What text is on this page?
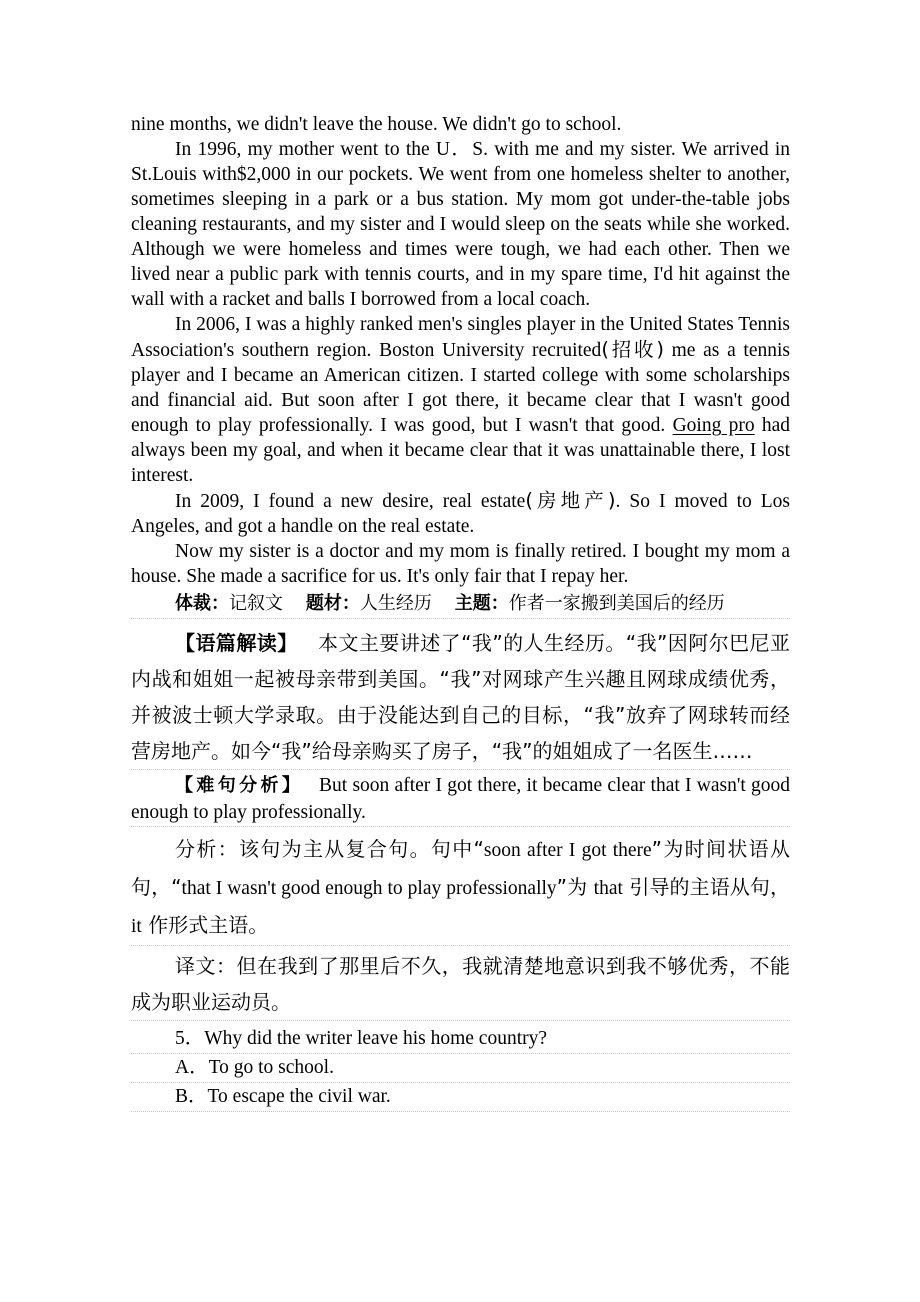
nine months, we didn't leave the house. We didn't go to school.

In 1996, my mother went to the U．S. with me and my sister. We arrived in St.Louis with$2,000 in our pockets. We went from one homeless shelter to another, sometimes sleeping in a park or a bus station. My mom got under-the-table jobs cleaning restaurants, and my sister and I would sleep on the seats while she worked. Although we were homeless and times were tough, we had each other. Then we lived near a public park with tennis courts, and in my spare time, I'd hit against the wall with a racket and balls I borrowed from a local coach.

In 2006, I was a highly ranked men's singles player in the United States Tennis Association's southern region. Boston University recruited(招收) me as a tennis player and I became an American citizen. I started college with some scholarships and financial aid. But soon after I got there, it became clear that I wasn't good enough to play professionally. I was good, but I wasn't that good. Going pro had always been my goal, and when it became clear that it was unattainable there, I lost interest.

In 2009, I found a new desire, real estate(房地产). So I moved to Los Angeles, and got a handle on the real estate.

Now my sister is a doctor and my mom is finally retired. I bought my mom a house. She made a sacrifice for us. It's only fair that I repay her.

体裁：记叙文 题材：人生经历 主题：作者一家搬到美国后的经历

【语篇解读】 本文主要讲述了“我”的人生经历。“我”因阿尔巴尼亚内战和姐姐一起被母亲带到美国。“我”对网球产生兴趣且网球成绩优秀，并被波士顿大学录取。由于没能达到自己的目标，“我”放弃了网球转而经营房地产。如今“我”给母亲购买了房子，“我”的姐姐成了一名医生……

【难句分析】 But soon after I got there, it became clear that I wasn't good enough to play professionally.

分析：该句为主从复合句。句中“soon after I got there”为时间状语从句，“that I wasn't good enough to play professionally”为 that 引导的主语从句，it 作形式主语。

译文：但在我到了那里后不久，我就清楚地意识到我不够优秀，不能成为职业运动员。

5．Why did the writer leave his home country?

A．To go to school.

B．To escape the civil war.
